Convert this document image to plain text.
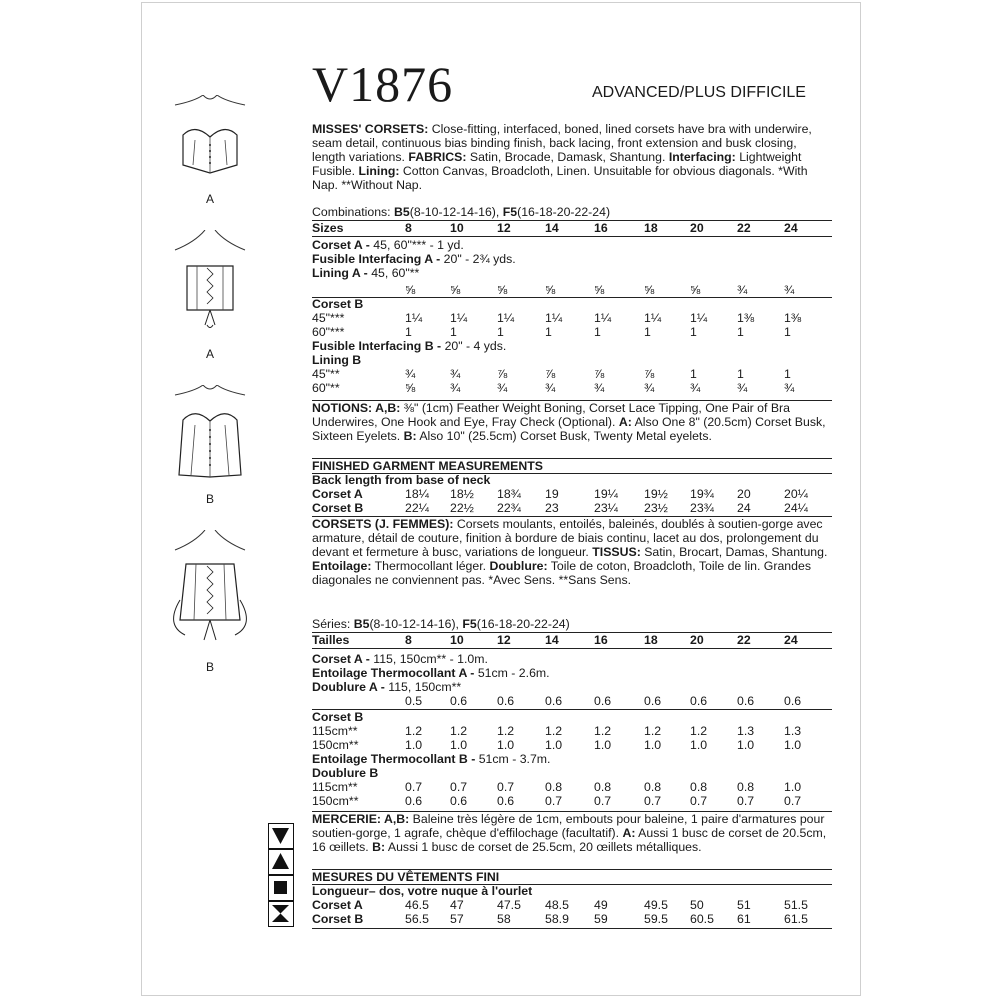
V1876	ADVANCED/PLUS DIFFICILE
MISSES' CORSETS: Close-fitting, interfaced, boned, lined corsets have bra with underwire, seam detail, continuous bias binding finish, back lacing, front extension and busk closing, length variations. FABRICS: Satin, Brocade, Damask, Shantung. Interfacing: Lightweight Fusible. Lining: Cotton Canvas, Broadcloth, Linen. Unsuitable for obvious diagonals. *With Nap. **Without Nap.
Combinations: B5(8-10-12-14-16), F5(16-18-20-22-24)
Sizes	8	10	12	14	16	18	20	22	24
Corset A - 45, 60"*** - 1 yd.
Fusible Interfacing A - 20" - 2¾ yds.
Lining A - 45, 60"**
⅝	⅝	⅝	⅝	⅝	⅝	⅝	¾	¾
Corset B
45"***	1¼	1¼	1¼	1¼	1¼	1¼	1¼	1⅜	1⅜
60"***	1	1	1	1	1	1	1	1	1
Fusible Interfacing B - 20" - 4 yds.
Lining B
45"**	¾	¾	⅞	⅞	⅞	⅞	1	1	1
60"**	⅝	¾	¾	¾	¾	¾	¾	¾	¾
NOTIONS: A,B: ⅜" (1cm) Feather Weight Boning, Corset Lace Tipping, One Pair of Bra Underwires, One Hook and Eye, Fray Check (Optional). A: Also One 8" (20.5cm) Corset Busk, Sixteen Eyelets. B: Also 10" (25.5cm) Corset Busk, Twenty Metal eyelets.
FINISHED GARMENT MEASUREMENTS
Back length from base of neck
Corset A	18¼	18½	18¾	19	19¼	19½	19¾	20	20¼
Corset B	22¼	22½	22¾	23	23¼	23½	23¾	24	24¼
CORSETS (J. FEMMES): Corsets moulants, entoilés, baleinés, doublés à soutien-gorge avec armature, détail de couture, finition à bordure de biais continu, lacet au dos, prolongement du devant et fermeture à busc, variations de longueur. TISSUS: Satin, Brocart, Damas, Shantung. Entoilage: Thermocollant léger. Doublure: Toile de coton, Broadcloth, Toile de lin. Grandes diagonales ne conviennent pas. *Avec Sens. **Sans Sens.
Séries: B5(8-10-12-14-16), F5(16-18-20-22-24)
Tailles	8	10	12	14	16	18	20	22	24
Corset A - 115, 150cm** - 1.0m.
Entoilage Thermocollant A - 51cm - 2.6m.
Doublure A - 115, 150cm**
0.5	0.6	0.6	0.6	0.6	0.6	0.6	0.6	0.6
Corset B
115cm**	1.2	1.2	1.2	1.2	1.2	1.2	1.2	1.3	1.3
150cm**	1.0	1.0	1.0	1.0	1.0	1.0	1.0	1.0	1.0
Entoilage Thermocollant B - 51cm - 3.7m.
Doublure B
115cm**	0.7	0.7	0.7	0.8	0.8	0.8	0.8	0.8	1.0
150cm**	0.6	0.6	0.6	0.7	0.7	0.7	0.7	0.7	0.7
MERCERIE: A,B: Baleine très légère de 1cm, embouts pour baleine, 1 paire d'armatures pour soutien-gorge, 1 agrafe, chèque d'effilochage (facultatif). A: Aussi 1 busc de corset de 20.5cm, 16 œillets. B: Aussi 1 busc de corset de 25.5cm, 20 œillets métalliques.
MESURES DU VÊTEMENTS FINI
Longueur– dos, votre nuque à l'ourlet
Corset A	46.5	47	47.5	48.5	49	49.5	50	51	51.5
Corset B	56.5	57	58	58.9	59	59.5	60.5	61	61.5
A
A
B
B
